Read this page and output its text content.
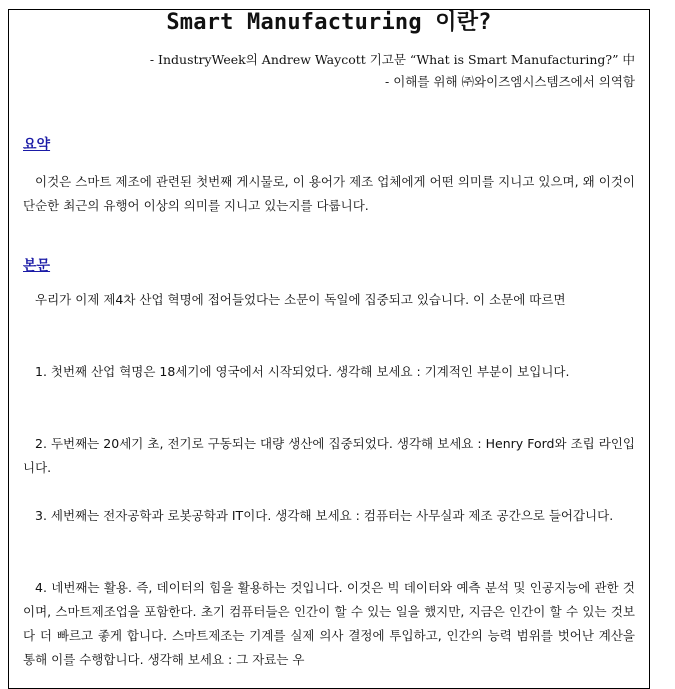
Smart Manufacturing 이란?
- IndustryWeek의 Andrew Waycott 기고문 “What is Smart Manufacturing?” 中
- 이해를 위해 ㈜와이즈엠시스템즈에서 의역함
요약
이것은 스마트 제조에 관련된 첫번째 게시물로, 이 용어가 제조 업체에게 어떤 의미를 지니고 있으며, 왜 이것이 단순한 최근의 유행어 이상의 의미를 지니고 있는지를 다룹니다.
본문
우리가 이제 제4차 산업 혁명에 접어들었다는 소문이 독일에 집중되고 있습니다. 이 소문에 따르면
1. 첫번째 산업 혁명은 18세기에 영국에서 시작되었다. 생각해 보세요 : 기계적인 부분이 보입니다.
2. 두번째는 20세기 초, 전기로 구동되는 대량 생산에 집중되었다. 생각해 보세요 : Henry Ford와 조립 라인입니다.
3. 세번째는 전자공학과 로봇공학과 IT이다. 생각해 보세요 : 컴퓨터는 사무실과 제조 공간으로 들어갑니다.
4. 네번째는 활용. 즉, 데이터의 힘을 활용하는 것입니다. 이것은 빅 데이터와 예측 분석 및 인공지능에 관한 것이며, 스마트제조업을 포함한다. 초기 컴퓨터들은 인간이 할 수 있는 일을 했지만, 지금은 인간이 할 수 있는 것보다 더 빠르고 좋게 합니다. 스마트제조는 기계를 실제 의사 결정에 투입하고, 인간의 능력 범위를 벗어난 계산을 통해 이를 수행합니다. 생각해 보세요 : 그 자료는 우
